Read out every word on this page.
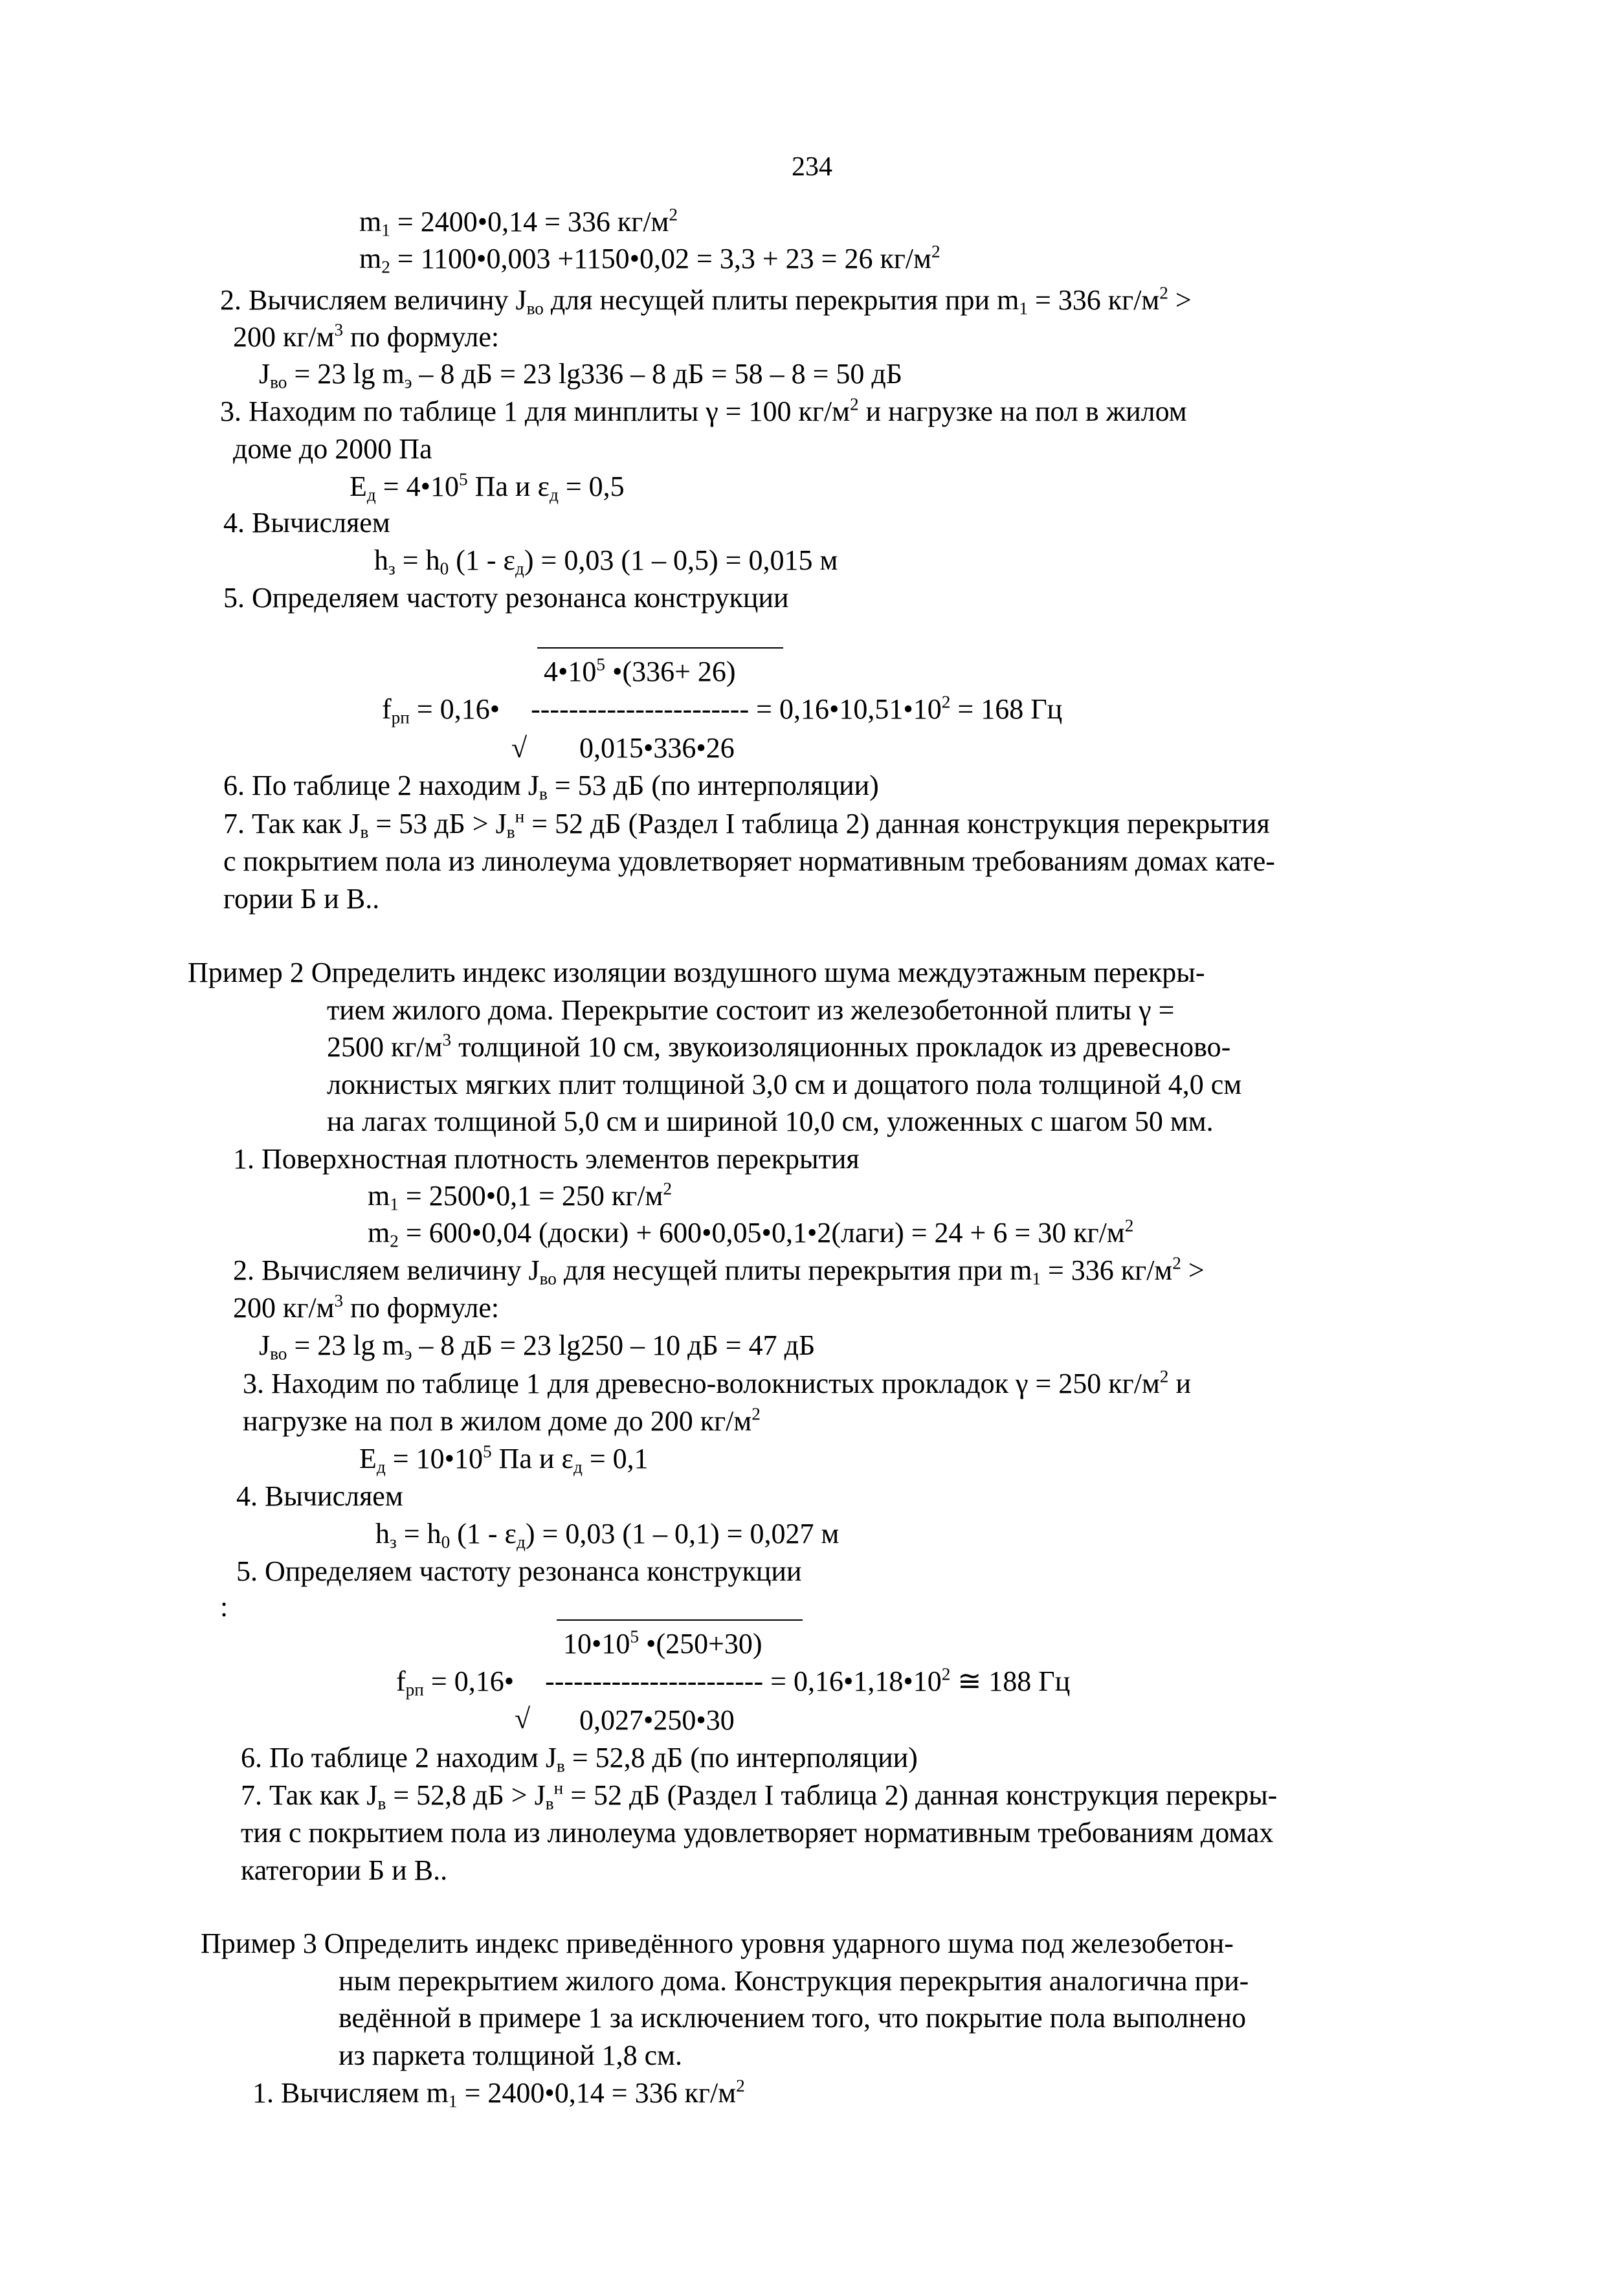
234
$m_1$ = 2400•0,14 = 336 $кг/м^2$
$m_2$ = 1100•0,003 +1150•0,02 = 3,3 + 23 = 26 $кг/м^2$
2. Вычисляем величину $J_{во}$ для несущей плиты перекрытия при $m_1 = 336$ $кг/м^2$ >
200 $кг/м^3$ по формуле:
$J_{во} = 23$ $\lg m_э - 8$ дБ = 23 lg336 – 8 дБ = 58 – 8 = 50 дБ
3. Находим по таблице 1 для минплиты γ = 100 $кг/м^2$ и нагрузке на пол в жилом
доме до 2000 Па
$Е_д$ = $4•10^5$ Па и $\varepsilon_д = 0,5$
4. Вычисляем
$h_з = h_0$ $(1 - \varepsilon_д) = 0,03$ (1 – 0,5) = 0,015 м
5. Определяем частоту резонанса конструкции
$4•10^5$ •(336+ 26)
$f_{рп}$ = 0,16• ----------------------- = $0,16•10,51•10^2 = 168$ Гц
√ 0,015•336•26
6. По таблице 2 находим $J_в = 53$ дБ (по интерполяции)
7. Так как $J_в = 53$ дБ > $J_в^н = 52$ дБ (Раздел I таблица 2) данная конструкция перекрытия
с покрытием пола из линолеума удовлетворяет нормативным требованиям домах кате-
гории Б и В..
Пример 2 Определить индекс изоляции воздушного шума междуэтажным перекры-
тием жилого дома. Перекрытие состоит из железобетонной плиты γ =
2500 $кг/м^3$ толщиной 10 см, звукоизоляционных прокладок из древесново-
локнистых мягких плит толщиной 3,0 см и дощатого пола толщиной 4,0 см
на лагах толщиной 5,0 см и шириной 10,0 см, уложенных с шагом 50 мм.
1. Поверхностная плотность элементов перекрытия
$m_1$ = 2500•0,1 = 250 $кг/м^2$
$m_2$ = 600•0,04 (доски) + 600•0,05•0,1•2(лаги) = 24 + 6 = 30 $кг/м^2$
2. Вычисляем величину $J_{во}$ для несущей плиты перекрытия при $m_1 = 336$ $кг/м^2$ >
200 $кг/м^3$ по формуле:
$J_{во} = 23$ $\lg m_э - 8$ дБ = 23 lg250 – 10 дБ = 47 дБ
3. Находим по таблице 1 для древесно-волокнистых прокладок γ = 250 $кг/м^2$ и
нагрузке на пол в жилом доме до 200 $кг/м^2$
$Е_д$ = $10•10^5$ Па и $\varepsilon_д = 0,1$
4. Вычисляем
$h_з = h_0$ $(1 - \varepsilon_д) = 0,03$ (1 – 0,1) = 0,027 м
5. Определяем частоту резонанса конструкции
:
$10•10^5$ •(250+30)
$f_{рп}$ = 0,16• ----------------------- = $0,16•1,18•10^2$ ≅ 188 Гц
√ 0,027•250•30
6. По таблице 2 находим $J_в = 52,8$ дБ (по интерполяции)
7. Так как $J_в = 52,8$ дБ > $J_в^н = 52$ дБ (Раздел I таблица 2) данная конструкция перекры-
тия с покрытием пола из линолеума удовлетворяет нормативным требованиям домах
категории Б и В..
Пример 3 Определить индекс приведённого уровня ударного шума под железобетон-
ным перекрытием жилого дома. Конструкция перекрытия аналогична при-
ведённой в примере 1 за исключением того, что покрытие пола выполнено
из паркета толщиной 1,8 см.
1. Вычисляем $m_1$ = 2400•0,14 = 336 $кг/м^2$
